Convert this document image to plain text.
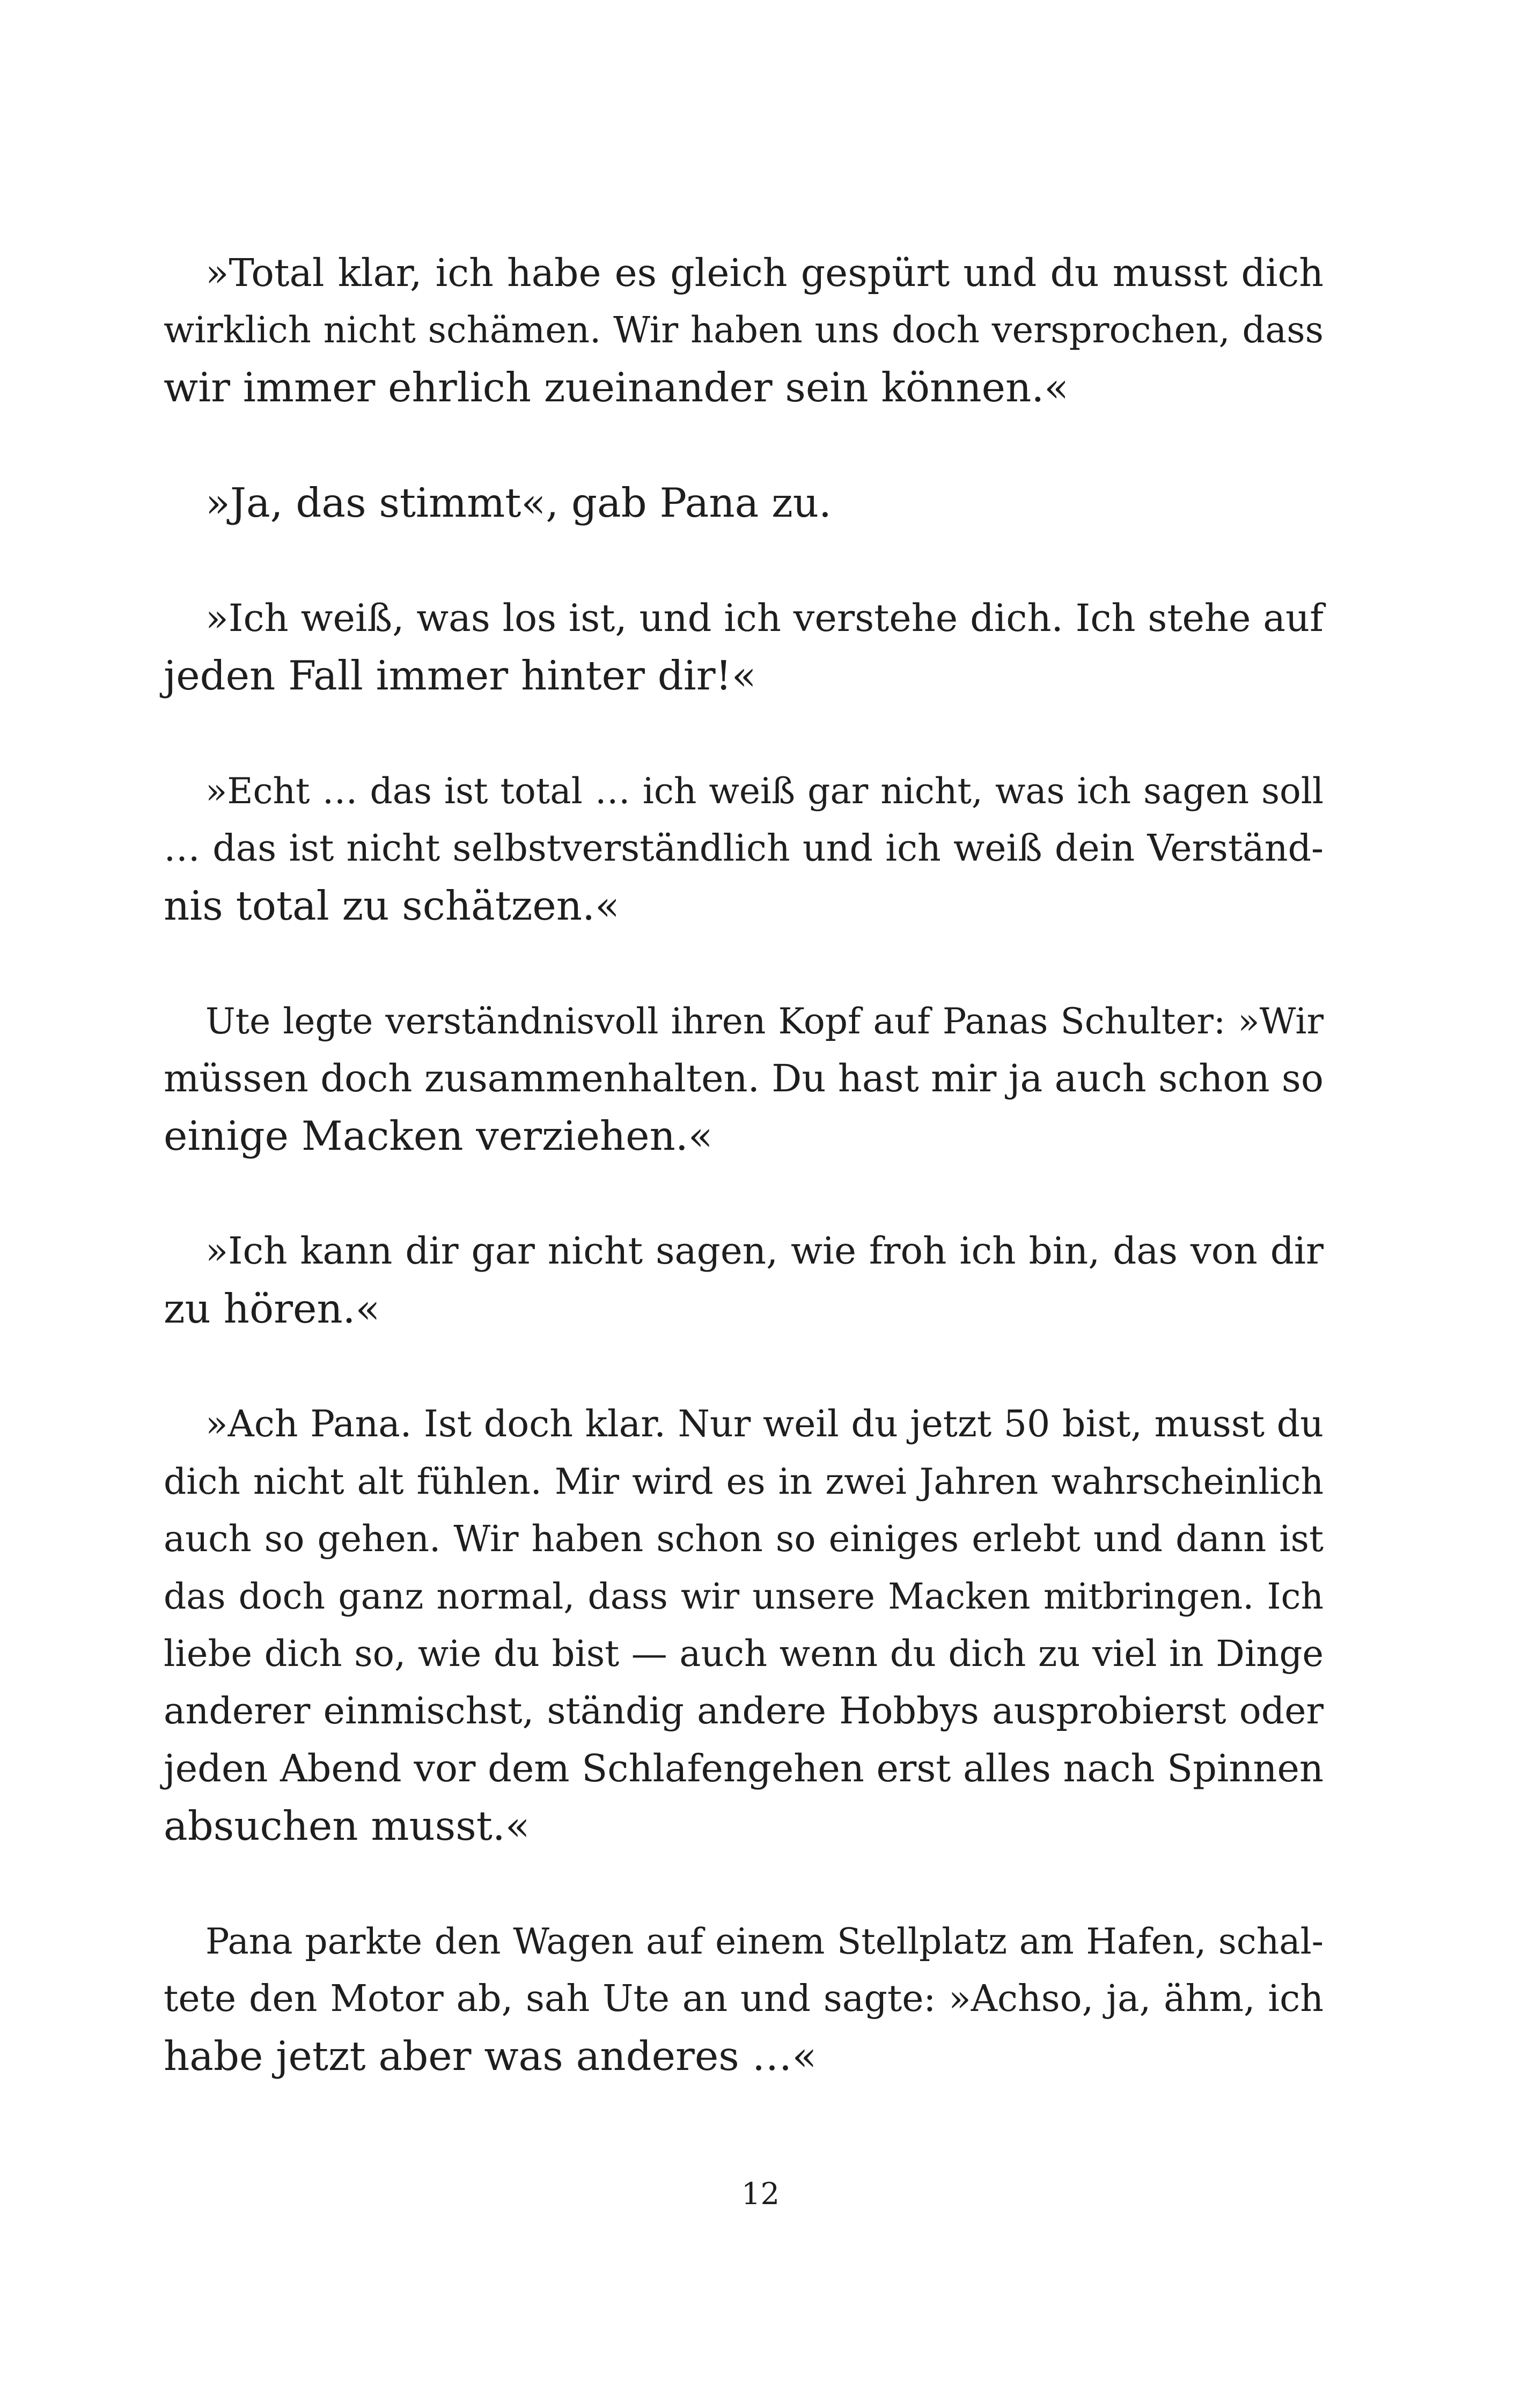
»Total klar, ich habe es gleich gespürt und du musst dich
wirklich nicht schämen. Wir haben uns doch versprochen, dass
wir immer ehrlich zueinander sein können.«

»Ja, das stimmt«, gab Pana zu.

»Ich weiß, was los ist, und ich verstehe dich. Ich stehe auf
jeden Fall immer hinter dir!«

»Echt … das ist total … ich weiß gar nicht, was ich sagen soll
… das ist nicht selbstverständlich und ich weiß dein Verständ-
nis total zu schätzen.«

Ute legte verständnisvoll ihren Kopf auf Panas Schulter: »Wir
müssen doch zusammenhalten. Du hast mir ja auch schon so
einige Macken verziehen.«

»Ich kann dir gar nicht sagen, wie froh ich bin, das von dir
zu hören.«

»Ach Pana. Ist doch klar. Nur weil du jetzt 50 bist, musst du
dich nicht alt fühlen. Mir wird es in zwei Jahren wahrscheinlich
auch so gehen. Wir haben schon so einiges erlebt und dann ist
das doch ganz normal, dass wir unsere Macken mitbringen. Ich
liebe dich so, wie du bist — auch wenn du dich zu viel in Dinge
anderer einmischst, ständig andere Hobbys ausprobierst oder
jeden Abend vor dem Schlafengehen erst alles nach Spinnen
absuchen musst.«

Pana parkte den Wagen auf einem Stellplatz am Hafen, schal-
tete den Motor ab, sah Ute an und sagte: »Achso, ja, ähm, ich
habe jetzt aber was anderes …«

12
